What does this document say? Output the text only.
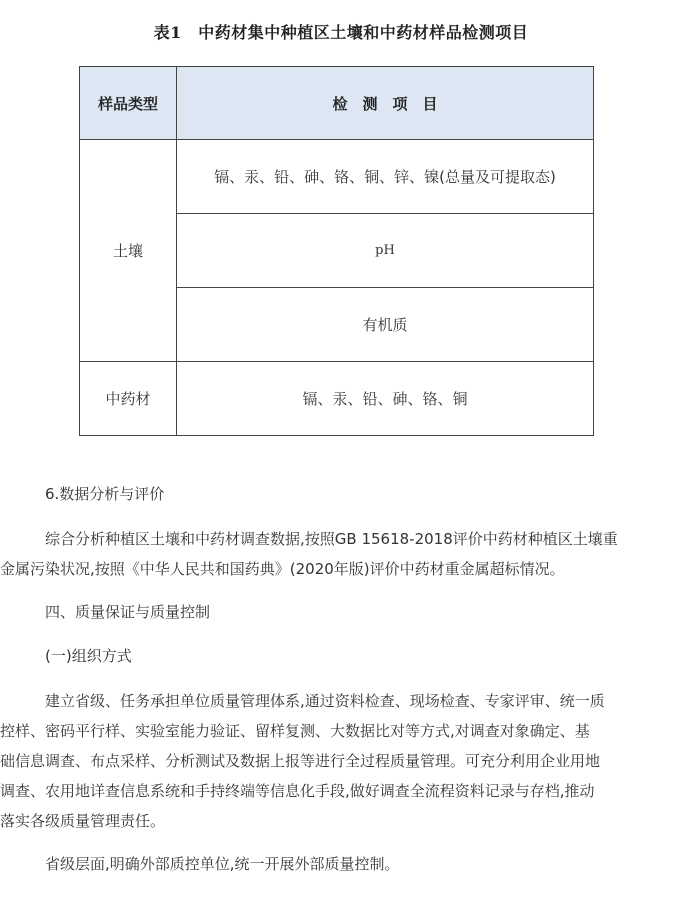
表1　中药材集中种植区土壤和中药材样品检测项目
样品类型	检　测　项　目
土壤	镉、汞、铅、砷、铬、铜、锌、镍(总量及可提取态)
	pH
	有机质
中药材	镉、汞、铅、砷、铬、铜

6.数据分析与评价

综合分析种植区土壤和中药材调查数据,按照GB 15618-2018评价中药材种植区土壤重
金属污染状况,按照《中华人民共和国药典》(2020年版)评价中药材重金属超标情况。

四、质量保证与质量控制

(一)组织方式

建立省级、任务承担单位质量管理体系,通过资料检查、现场检查、专家评审、统一质
控样、密码平行样、实验室能力验证、留样复测、大数据比对等方式,对调查对象确定、基
础信息调查、布点采样、分析测试及数据上报等进行全过程质量管理。可充分利用企业用地
调查、农用地详查信息系统和手持终端等信息化手段,做好调查全流程资料记录与存档,推动
落实各级质量管理责任。

省级层面,明确外部质控单位,统一开展外部质量控制。
